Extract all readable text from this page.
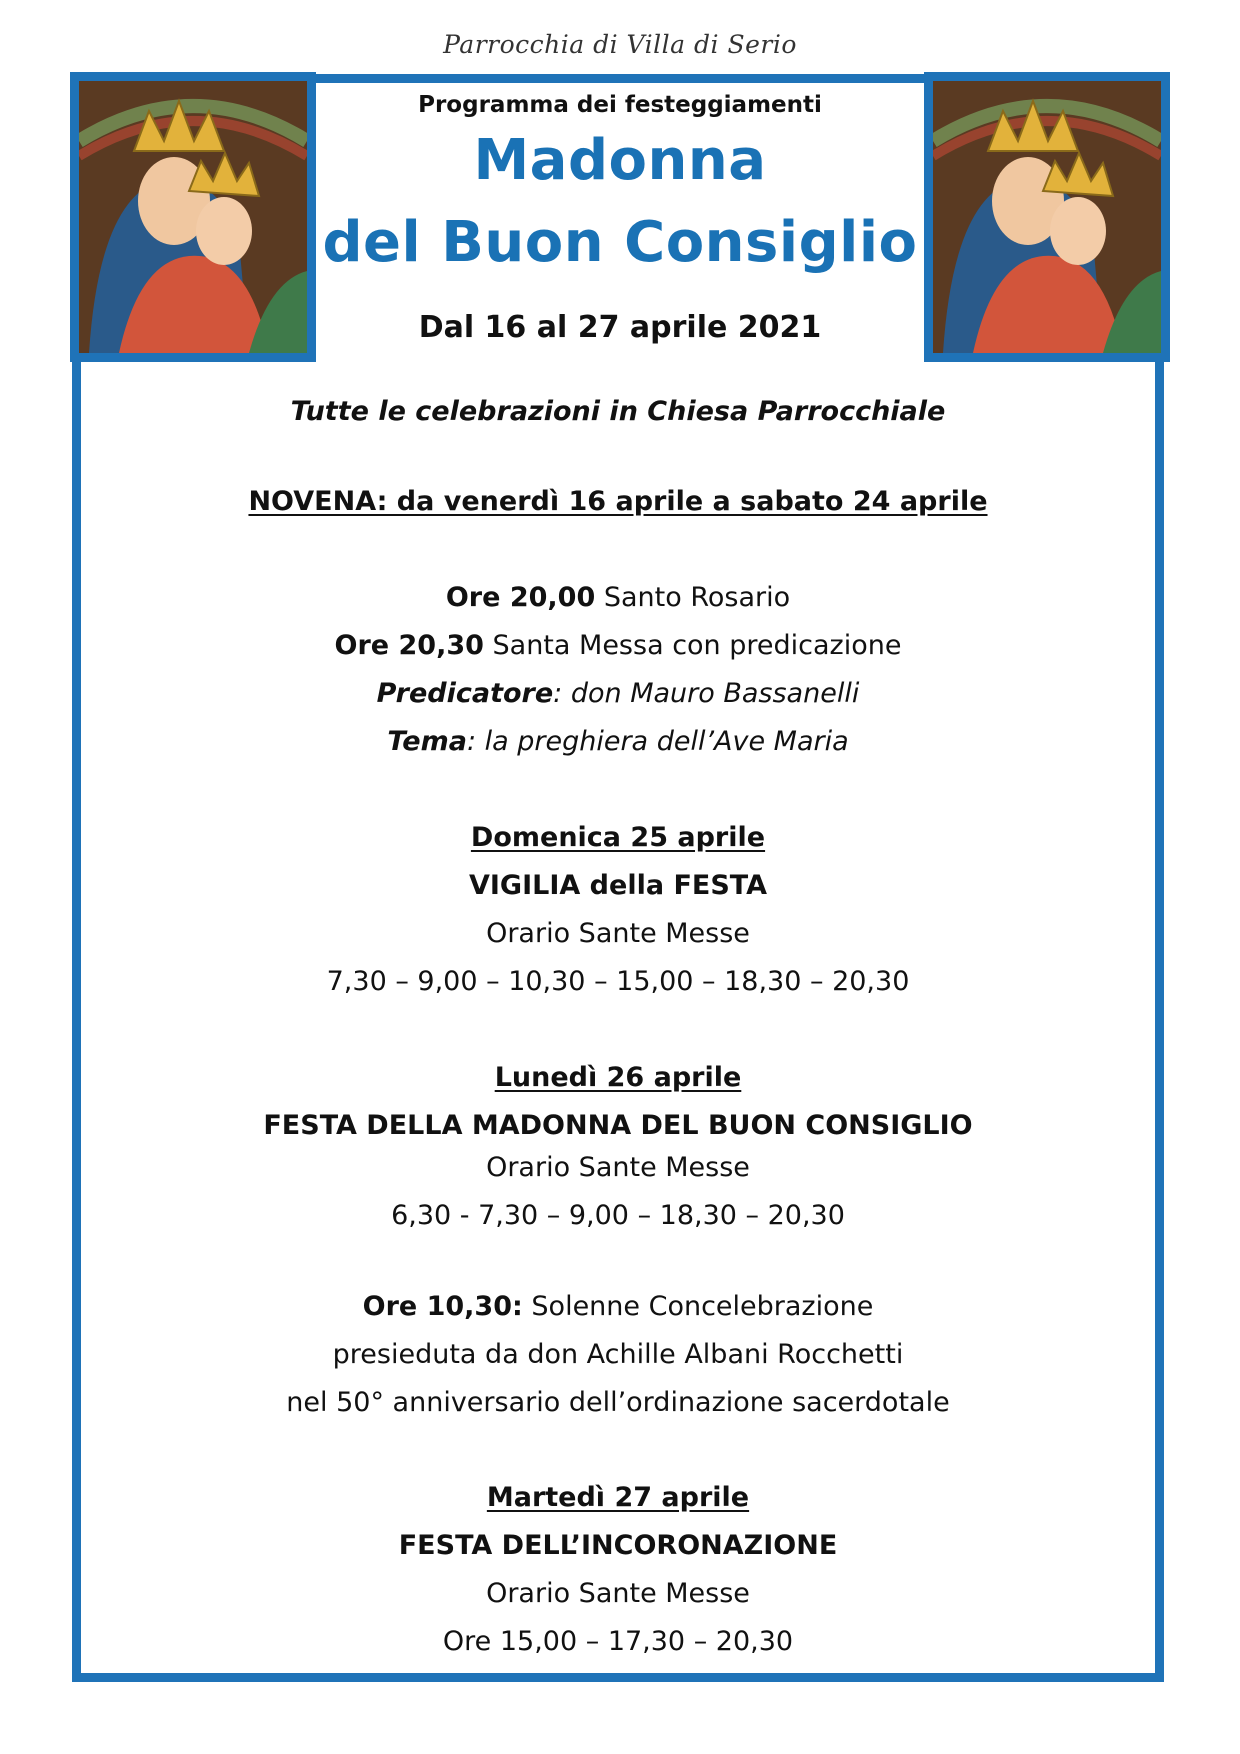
Parrocchia di Villa di Serio
Programma dei festeggiamenti
Madonna
del Buon Consiglio
Dal 16 al 27 aprile 2021
Tutte le celebrazioni in Chiesa Parrocchiale
NOVENA: da venerdì 16 aprile a sabato 24 aprile
Ore 20,00 Santo Rosario
Ore 20,30 Santa Messa con predicazione
Predicatore: don Mauro Bassanelli
Tema: la preghiera dell’Ave Maria
Domenica 25 aprile
VIGILIA della FESTA
Orario Sante Messe
7,30 – 9,00 – 10,30 – 15,00 – 18,30 – 20,30
Lunedì 26 aprile
FESTA DELLA MADONNA DEL BUON CONSIGLIO
Orario Sante Messe
6,30 - 7,30 – 9,00 – 18,30 – 20,30
Ore 10,30: Solenne Concelebrazione
presieduta da don Achille Albani Rocchetti
nel 50° anniversario dell’ordinazione sacerdotale
Martedì 27 aprile
FESTA DELL’INCORONAZIONE
Orario Sante Messe
Ore 15,00 – 17,30 – 20,30
